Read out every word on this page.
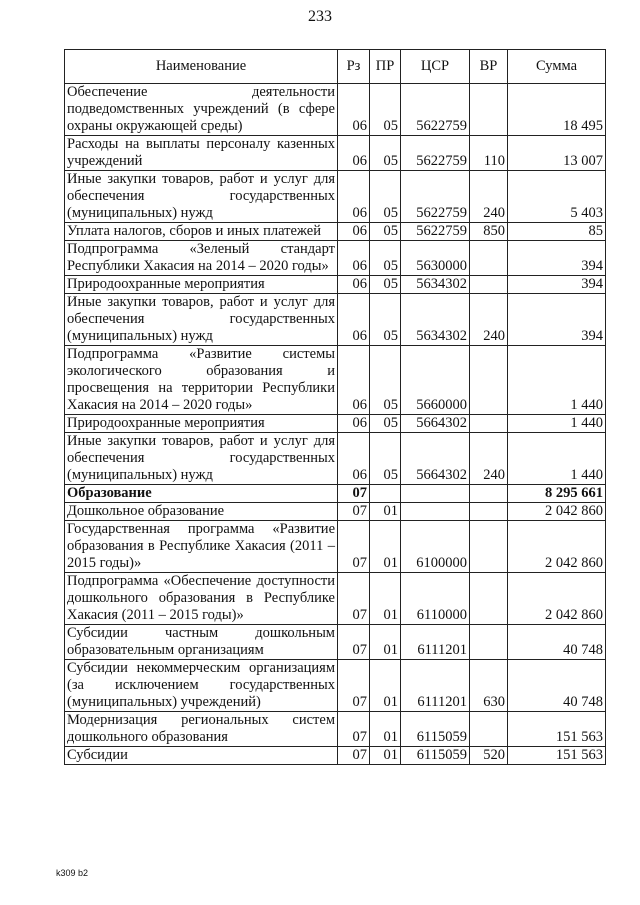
233
Наименование	Рз	ПР	ЦСР	ВР	Сумма
Обеспечение деятельности подведомственных учреждений (в сфере охраны окружающей среды)	06	05	5622759		18 495
Расходы на выплаты персоналу казенных учреждений	06	05	5622759	110	13 007
Иные закупки товаров, работ и услуг для обеспечения государственных (муниципальных) нужд	06	05	5622759	240	5 403
Уплата налогов, сборов и иных платежей	06	05	5622759	850	85
Подпрограмма «Зеленый стандарт Республики Хакасия на 2014 – 2020 годы»	06	05	5630000		394
Природоохранные мероприятия	06	05	5634302		394
Иные закупки товаров, работ и услуг для обеспечения государственных (муниципальных) нужд	06	05	5634302	240	394
Подпрограмма «Развитие системы экологического образования и просвещения на территории Республики Хакасия на 2014 – 2020 годы»	06	05	5660000		1 440
Природоохранные мероприятия	06	05	5664302		1 440
Иные закупки товаров, работ и услуг для обеспечения государственных (муниципальных) нужд	06	05	5664302	240	1 440
Образование	07				8 295 661
Дошкольное образование	07	01			2 042 860
Государственная программа «Развитие образования в Республике Хакасия (2011 – 2015 годы)»	07	01	6100000		2 042 860
Подпрограмма «Обеспечение доступности дошкольного образования в Республике Хакасия (2011 – 2015 годы)»	07	01	6110000		2 042 860
Субсидии частным дошкольным образовательным организациям	07	01	6111201		40 748
Субсидии некоммерческим организациям (за исключением государственных (муниципальных) учреждений)	07	01	6111201	630	40 748
Модернизация региональных систем дошкольного образования	07	01	6115059		151 563
Субсидии	07	01	6115059	520	151 563
k309 b2
